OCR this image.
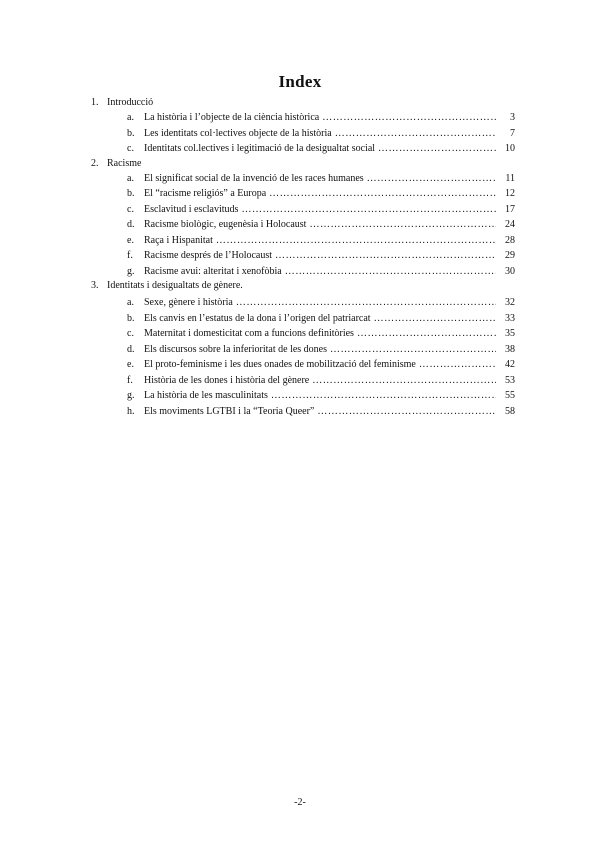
Index
1. Introducció
a. La història i l’objecte de la ciència històrica ………………………………………………………………………………………………………………………………	3
b. Les identitats col·lectives objecte de la història ………………………………………………………………………………………………………………………………	7
c. Identitats col.lectives i legitimació de la desigualtat social ………………………………………………………………………………………………………………………………	10
2. Racisme
a. El significat social de la invenció de les races humanes ………………………………………………………………………………………………………………………………	11
b. El “racisme religiós” a Europa ………………………………………………………………………………………………………………………………	12
c. Esclavitud i esclavituds ………………………………………………………………………………………………………………………………	17
d. Racisme biològic, eugenèsia i Holocaust ………………………………………………………………………………………………………………………………	24
e. Raça i Hispanitat ………………………………………………………………………………………………………………………………	28
f. Racisme després de l’Holocaust ………………………………………………………………………………………………………………………………	29
g. Racisme avui: alteritat i xenofòbia ………………………………………………………………………………………………………………………………	30
3. Identitats i desigualtats de gènere.
a. Sexe, gènere i història ………………………………………………………………………………………………………………………………	32
b. Els canvis en l’estatus de la dona i l’origen del patriarcat ………………………………………………………………………………………………………………………………	33
c. Maternitat i domesticitat com a funcions definitòries ………………………………………………………………………………………………………………………………	35
d. Els discursos sobre la inferioritat de les dones ………………………………………………………………………………………………………………………………	38
e. El proto-feminisme i les dues onades de mobilització del feminisme ………………………………………………………………………………………………………………………………	42
f. Història de les dones i història del gènere ………………………………………………………………………………………………………………………………	53
g. La història de les masculinitats ………………………………………………………………………………………………………………………………	55
h. Els moviments LGTBI i la “Teoria Queer” ………………………………………………………………………………………………………………………………	58
-2-
